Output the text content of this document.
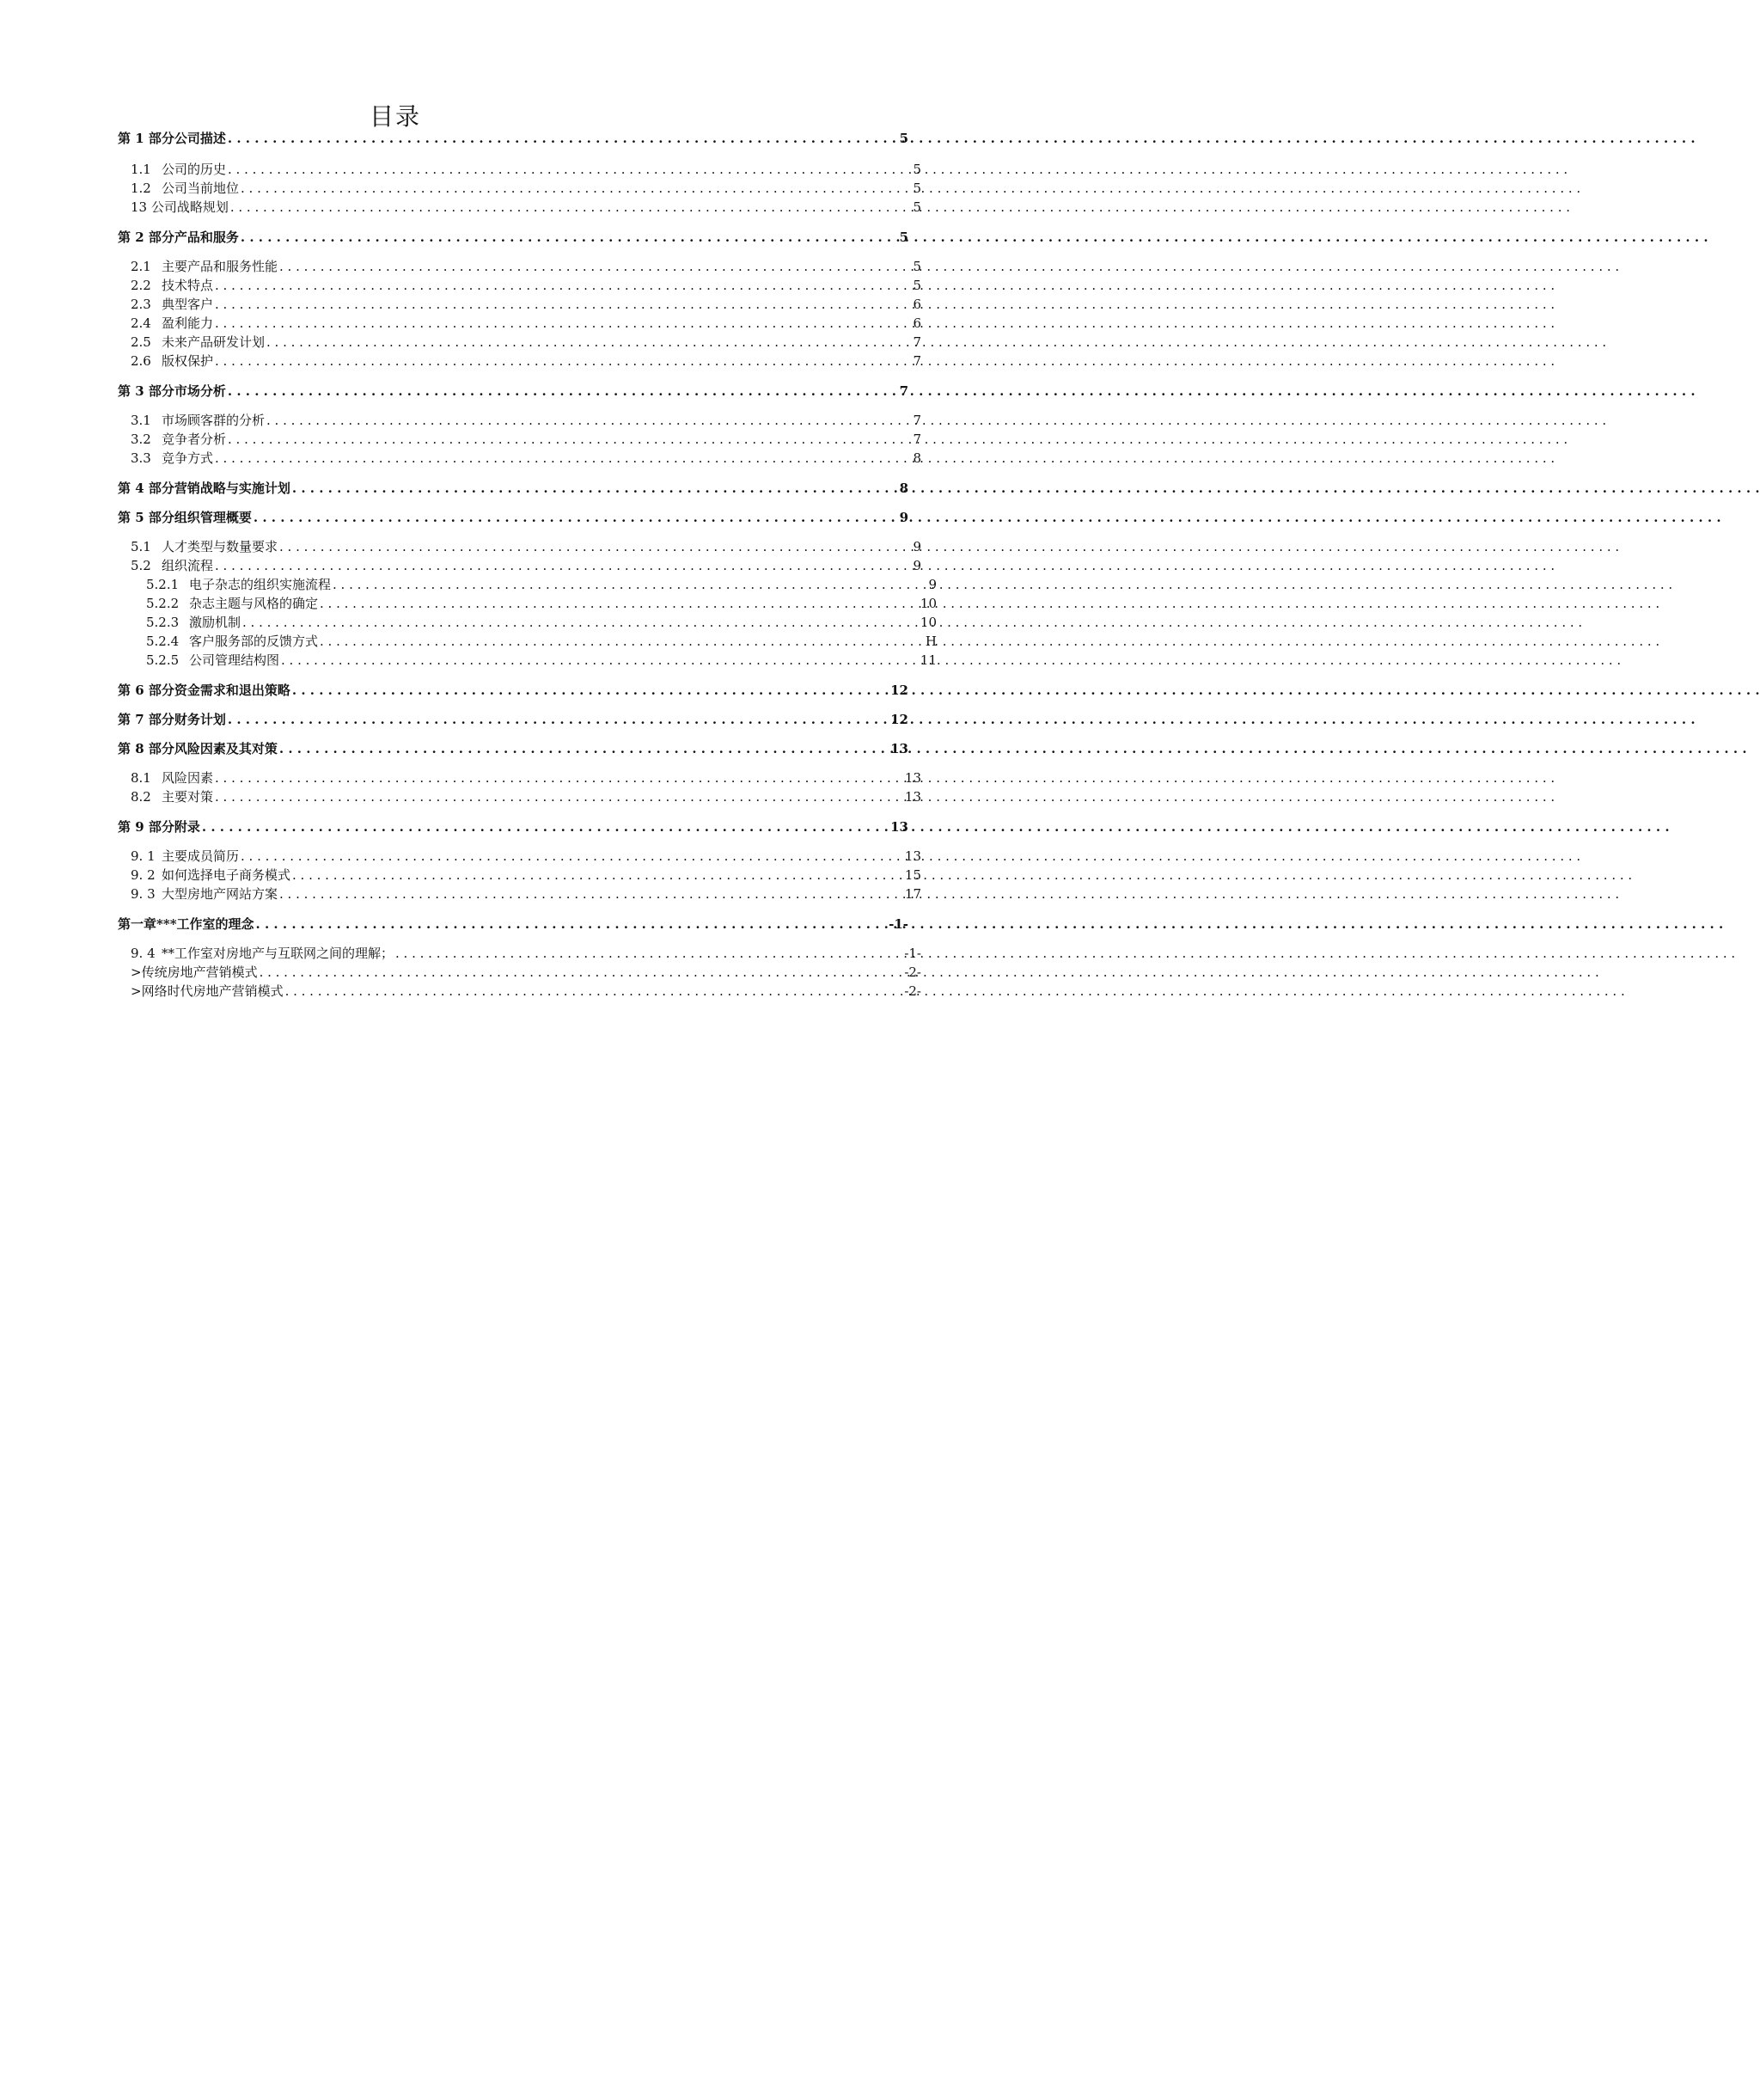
目录
第 1 部分公司描述 . . .	5
1.1 公司的历史 . . .	5
1.2 公司当前地位 . . .	5
13 公司战略规划 . . .	5
第 2 部分产品和服务 . . .	5
2.1 主要产品和服务性能 . . .	5
2.2 技术特点 . . .	5
2.3 典型客户 . . .	6
2.4 盈利能力 . . .	6
2.5 未来产品研发计划 . . .	7
2.6 版权保护 . . .	7
第 3 部分市场分析 . . .	7
3.1 市场顾客群的分析 . . .	7
3.2 竞争者分析 . . .	7
3.3 竞争方式 . . .	8
第 4 部分营销战略与实施计划 . . .	8
第 5 部分组织管理概要 . . .	9
5.1 人才类型与数量要求 . . .	9
5.2 组织流程 . . .	9
5.2.1 电子杂志的组织实施流程 . . .	9
5.2.2 杂志主题与风格的确定 . . .	10
5.2.3 激励机制 . . .	10
5.2.4 客户服务部的反馈方式 . . .	H
5.2.5 公司管理结构图 . . .	11
第 6 部分资金需求和退出策略 . . .	12
第 7 部分财务计划 . . .	12
第 8 部分风险因素及其对策 . . .	13
8.1 风险因素 . . .	13
8.2 主要对策 . . .	13
第 9 部分附录 . . .	13
9. 1 主要成员简历 . . .	13
9. 2 如何选择电子商务模式 . . .	15
9. 3 大型房地产网站方案 . . .	17
第一章***工作室的理念 . . .	-1-
9. 4 **工作室对房地产与互联网之间的理解； . . .	-1-
>传统房地产营销模式 . . .	-2-
>网络时代房地产营销模式 . . .	-2-
